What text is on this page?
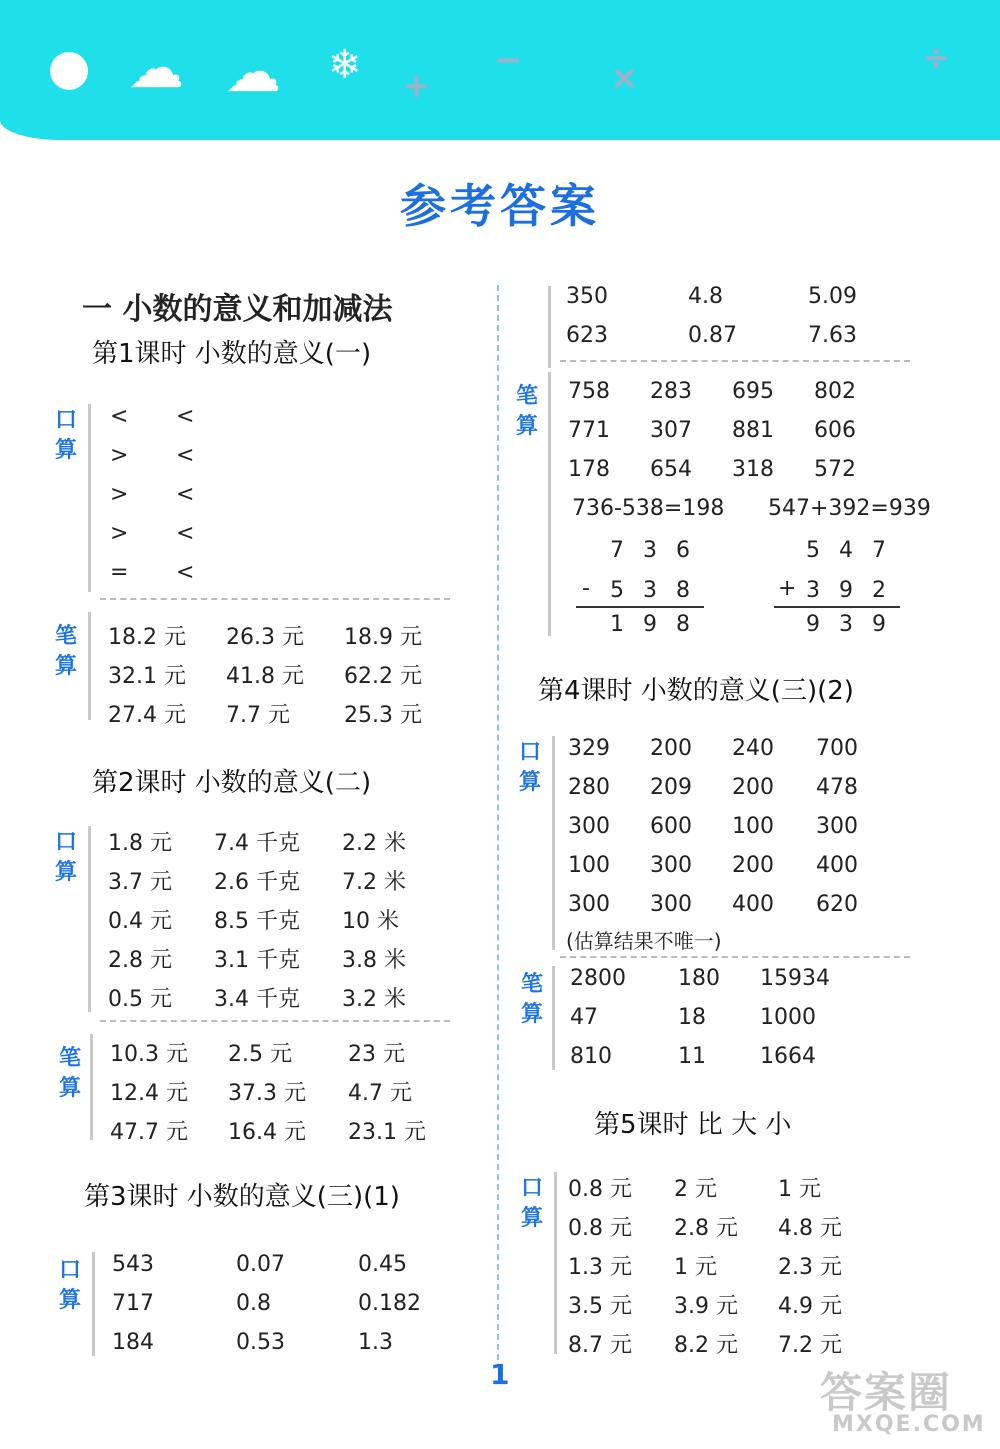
☁ ☁ ❄ +
−	×	÷
参考答案
一 小数的意义和加减法
第1课时 小数的意义(一)
口
算
< <
> <
> <
> <
= <
笔
算
18.2 元 26.3 元 18.9 元
32.1 元 41.8 元 62.2 元
27.4 元 7.7 元 25.3 元
第2课时 小数的意义(二)
口
算
1.8 元 7.4 千克 2.2 米
3.7 元 2.6 千克 7.2 米
0.4 元 8.5 千克 10 米
2.8 元 3.1 千克 3.8 米
0.5 元 3.4 千克 3.2 米
笔
算
10.3 元 2.5 元	23 元
12.4 元 37.3 元 4.7 元
47.7 元 16.4 元 23.1 元
第3课时 小数的意义(三)(1)
口
算
543	0.07	0.45
717	0.8	0.182
184	0.53	1.3
350	4.8	5.09
623	0.87	7.63
笔
算
758 283 695 802
771 307 881 606
178 654 318 572
736-538=198 547+392=939
7 3 6
- 5 3 8
1 9 8
5 4 7
+ 3 9 2
9 3 9
第4课时 小数的意义(三)(2)
口
算
329 200 240 700
280 209 200 478
300 600 100 300
100 300 200 400
300 300 400 620
(估算结果不唯一)
笔
算
2800 180 15934
47	18 1000
810	11 1664
第5课时 比 大 小
口
算
0.8 元 2 元	1 元
0.8 元 2.8 元 4.8 元
1.3 元 1 元	2.3 元
3.5 元 3.9 元 4.9 元
8.7 元 8.2 元 7.2 元
1	答案圈
MXQE.COM
